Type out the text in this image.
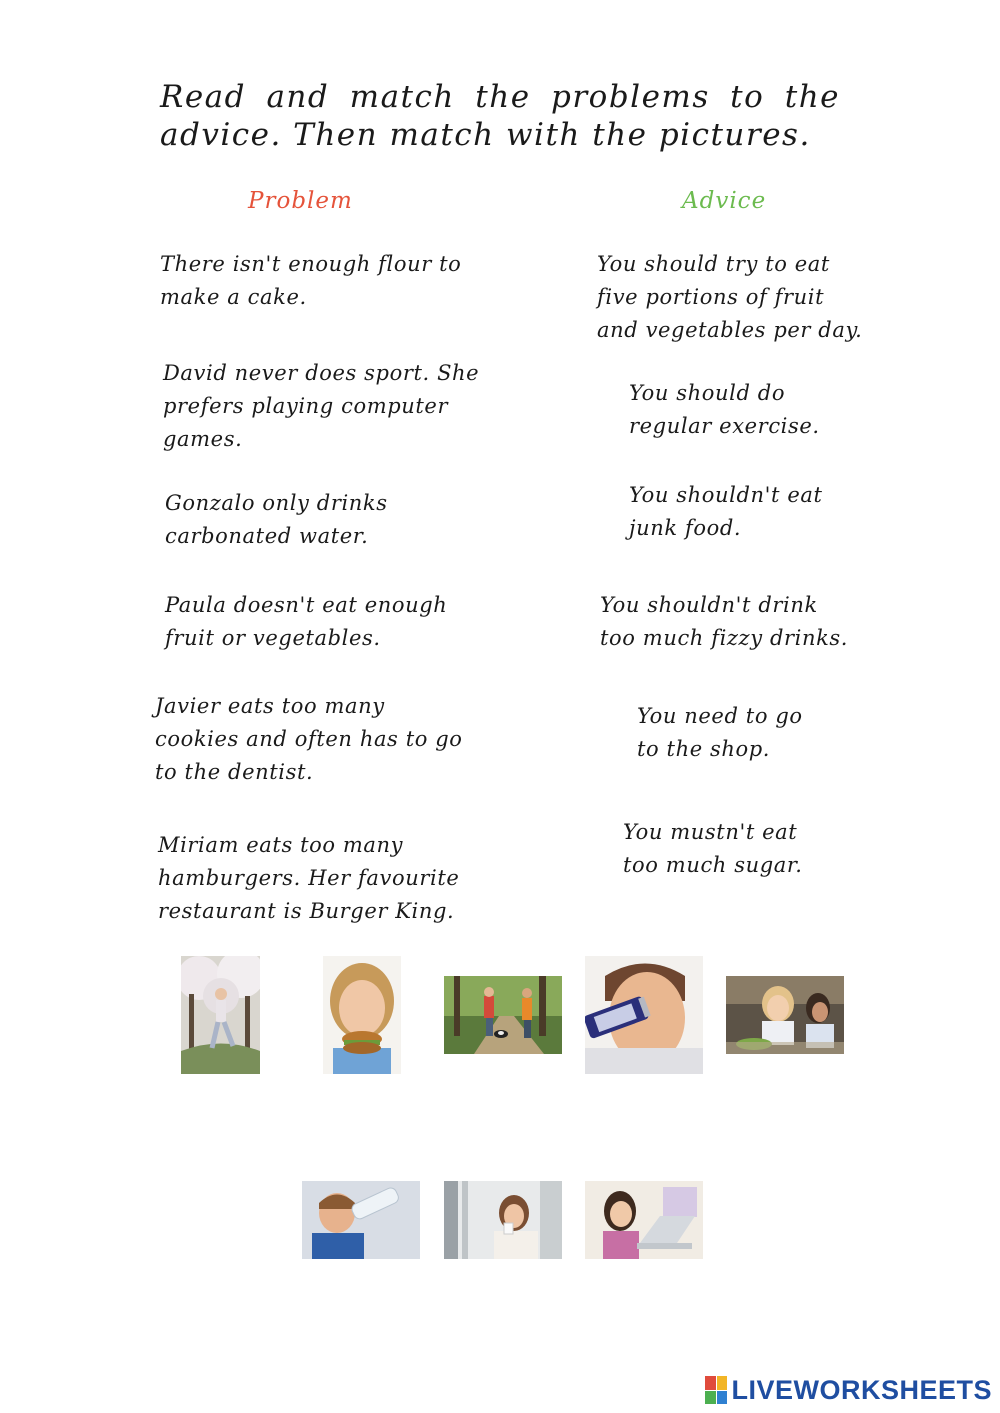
Read and match the problems to the advice. Then match with the pictures.
Problem	Advice
There isn't enough flour to
make a cake.
David never does sport. She
prefers playing computer
games.
Gonzalo only drinks
carbonated water.
Paula doesn't eat enough
fruit or vegetables.
Javier eats too many
cookies and often has to go
to the dentist.
Miriam eats too many
hamburgers. Her favourite
restaurant is Burger King.
You should try to eat
five portions of fruit
and vegetables per day.
You should do
regular exercise.
You shouldn't eat
junk food.
You shouldn't drink
too much fizzy drinks.
You need to go
to the shop.
You mustn't eat
too much sugar.
LIVEWORKSHEETS
